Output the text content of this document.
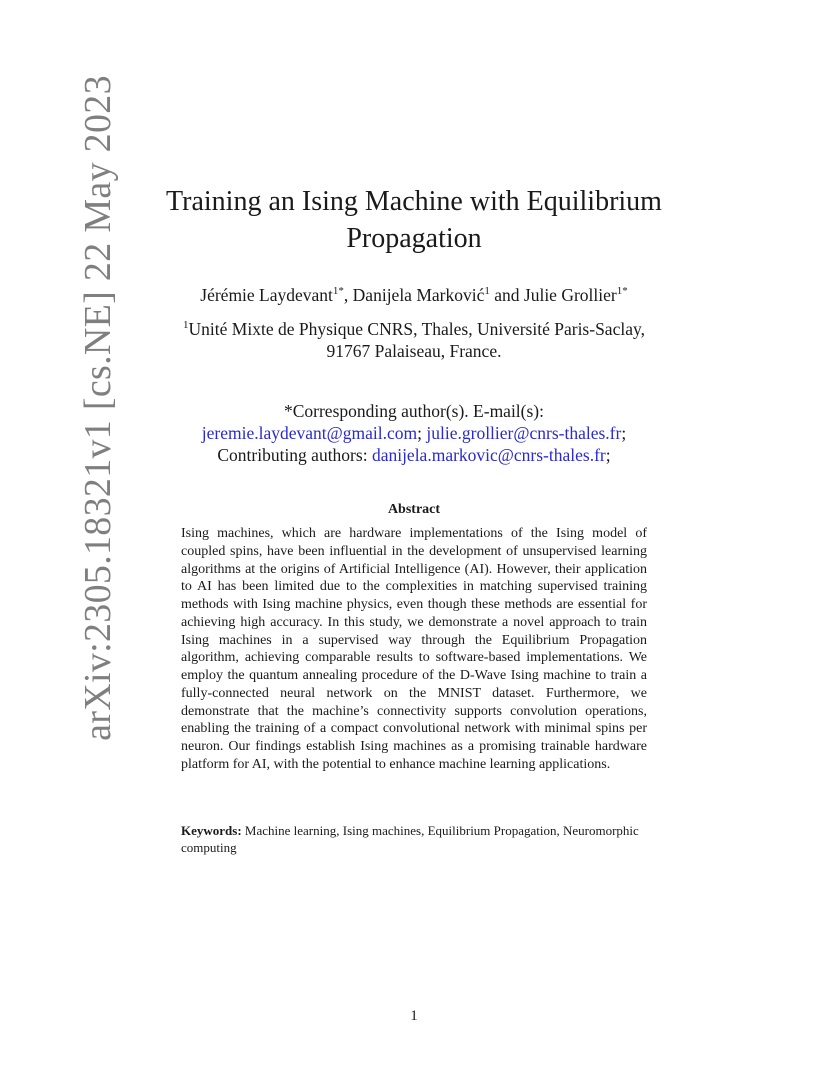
arXiv:2305.18321v1 [cs.NE] 22 May 2023	Training an Ising Machine with Equilibrium Propagation
Jérémie Laydevant$^{1*}$, Danijela Marković$^1$ and Julie Grollier$^{1*}$
$^1$Unité Mixte de Physique CNRS, Thales, Université Paris-Saclay,
91767 Palaiseau, France.
*Corresponding author(s). E-mail(s):
jeremie.laydevant@gmail.com; julie.grollier@cnrs-thales.fr;
Contributing authors: danijela.markovic@cnrs-thales.fr;
Abstract
Ising machines, which are hardware implementations of the Ising model of coupled spins, have been influential in the development of unsupervised learning algorithms at the origins of Artificial Intelligence (AI). However, their application to AI has been limited due to the complexities in matching supervised training methods with Ising machine physics, even though these methods are essential for achieving high accuracy. In this study, we demonstrate a novel approach to train Ising machines in a supervised way through the Equilibrium Propagation algorithm, achieving comparable results to software-based implementations. We employ the quantum annealing procedure of the D-Wave Ising machine to train a fully-connected neural network on the MNIST dataset. Furthermore, we demonstrate that the machine’s connectivity supports convolution operations, enabling the training of a compact convolutional network with minimal spins per neuron. Our findings establish Ising machines as a promising trainable hardware platform for AI, with the potential to enhance machine learning applications.
Keywords: Machine learning, Ising machines, Equilibrium Propagation, Neuromorphic computing
1
